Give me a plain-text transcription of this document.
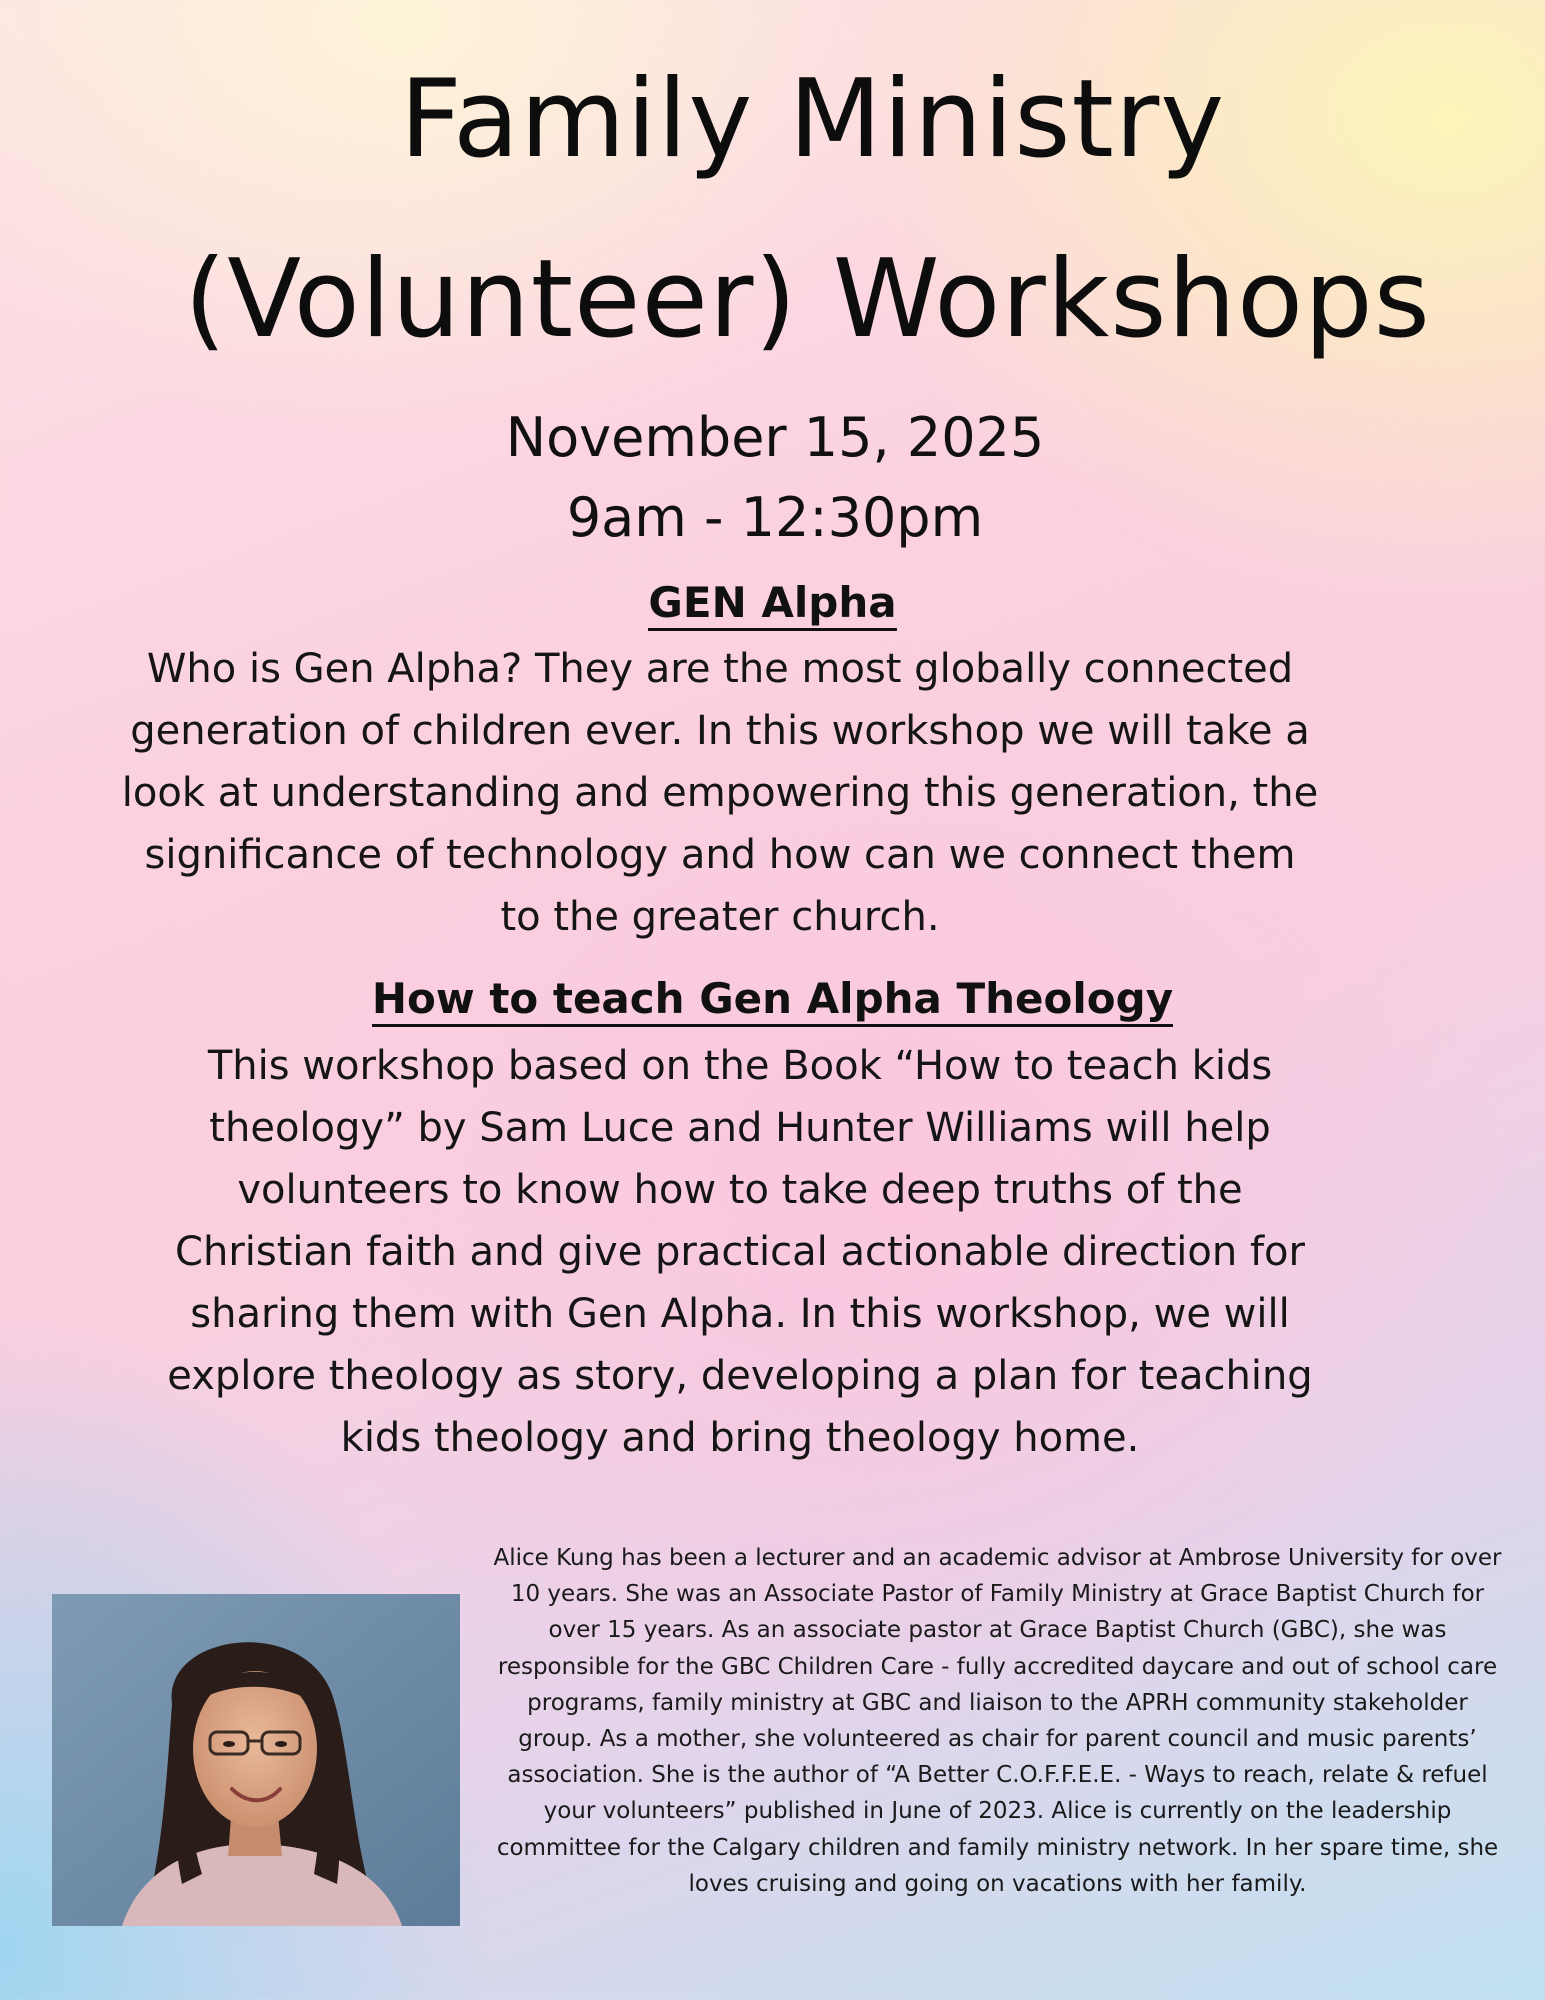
Family Ministry
(Volunteer) Workshops
November 15, 2025
9am - 12:30pm
GEN Alpha

Who is Gen Alpha? They are the most globally connected generation of children ever. In this workshop we will take a look at understanding and empowering this generation, the significance of technology and how can we connect them to the greater church.

How to teach Gen Alpha Theology

This workshop based on the Book “How to teach kids theology” by Sam Luce and Hunter Williams will help volunteers to know how to take deep truths of the Christian faith and give practical actionable direction for sharing them with Gen Alpha. In this workshop, we will explore theology as story, developing a plan for teaching kids theology and bring theology home.

Alice Kung has been a lecturer and an academic advisor at Ambrose University for over 10 years. She was an Associate Pastor of Family Ministry at Grace Baptist Church for over 15 years. As an associate pastor at Grace Baptist Church (GBC), she was responsible for the GBC Children Care - fully accredited daycare and out of school care programs, family ministry at GBC and liaison to the APRH community stakeholder group. As a mother, she volunteered as chair for parent council and music parents’ association. She is the author of “A Better C.O.F.F.E.E. - Ways to reach, relate & refuel your volunteers” published in June of 2023. Alice is currently on the leadership committee for the Calgary children and family ministry network. In her spare time, she loves cruising and going on vacations with her family.
